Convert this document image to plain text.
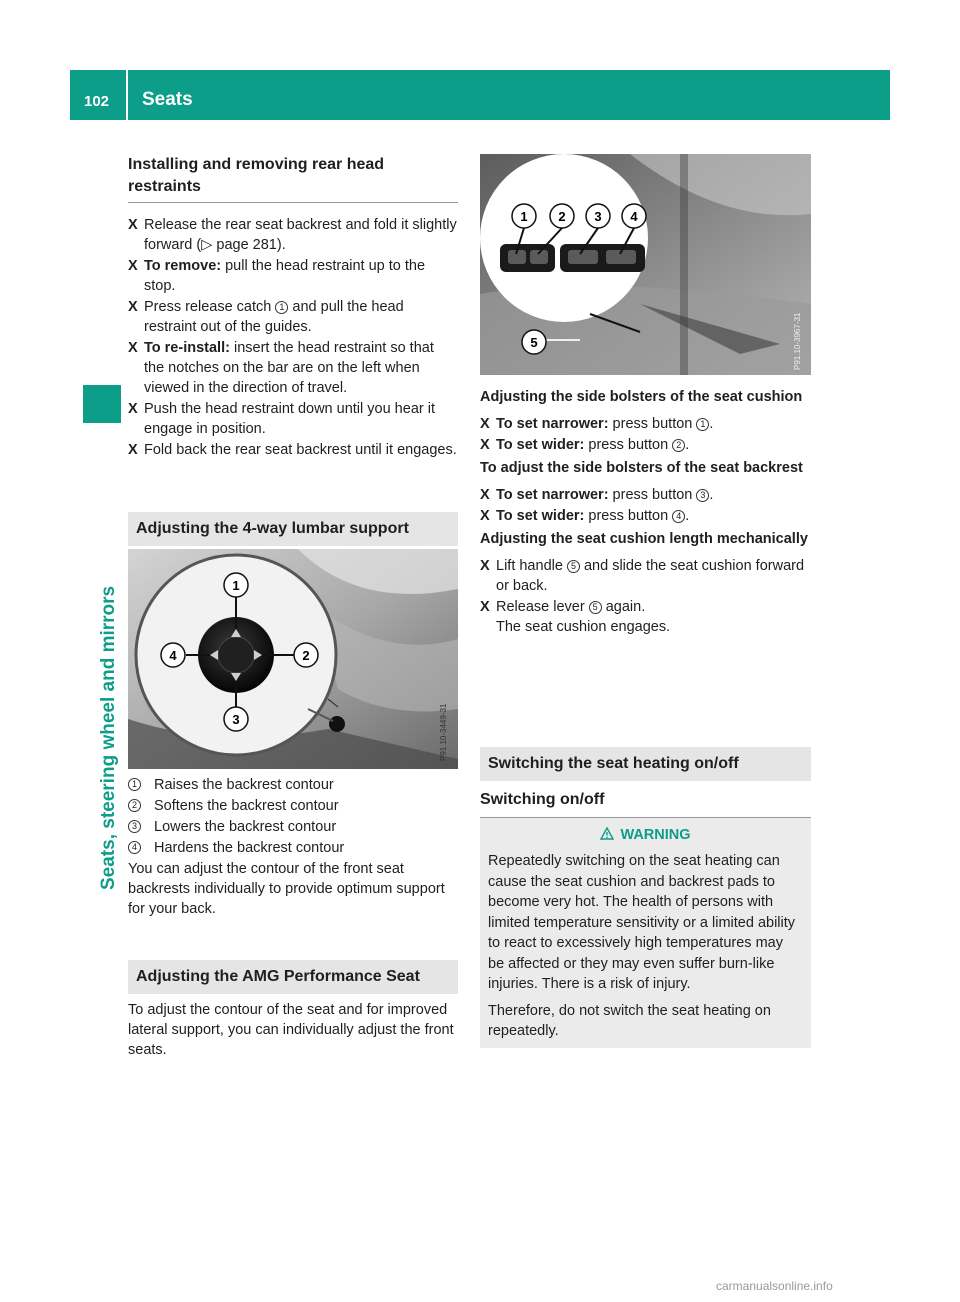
102 Seats
Seats, steering wheel and mirrors
Installing and removing rear head restraints
X Release the rear seat backrest and fold it slightly forward (▷ page 281).
X To remove: pull the head restraint up to the stop.
X Press release catch 1 and pull the head restraint out of the guides.
X To re-install: insert the head restraint so that the notches on the bar are on the left when viewed in the direction of travel.
X Push the head restraint down until you hear it engage in position.
X Fold back the rear seat backrest until it engages.
Adjusting the 4-way lumbar support
1
2
3
4
P91.10-3449-31
1 Raises the backrest contour
2 Softens the backrest contour
3 Lowers the backrest contour
4 Hardens the backrest contour

You can adjust the contour of the front seat backrests individually to provide optimum support for your back.

Adjusting the AMG Performance Seat

To adjust the contour of the seat and for improved lateral support, you can individually adjust the front seats.

1 2 3 4
5	P91.10-3967-31
Adjusting the side bolsters of the seat cushion
X To set narrower: press button 1 .
X To set wider: press button 2 .
To adjust the side bolsters of the seat backrest
X To set narrower: press button 3 .
X To set wider: press button 4 .
Adjusting the seat cushion length mechanically
X Lift handle 5 and slide the seat cushion forward or back.
X Release lever 5 again.
The seat cushion engages.
Switching the seat heating on/off
Switching on/off
WARNING

Repeatedly switching on the seat heating can cause the seat cushion and backrest pads to become very hot. The health of persons with limited temperature sensitivity or a limited ability to react to excessively high temperatures may be affected or they may even suffer burn-like injuries. There is a risk of injury.

Therefore, do not switch the seat heating on repeatedly.

carmanualsonline.info
